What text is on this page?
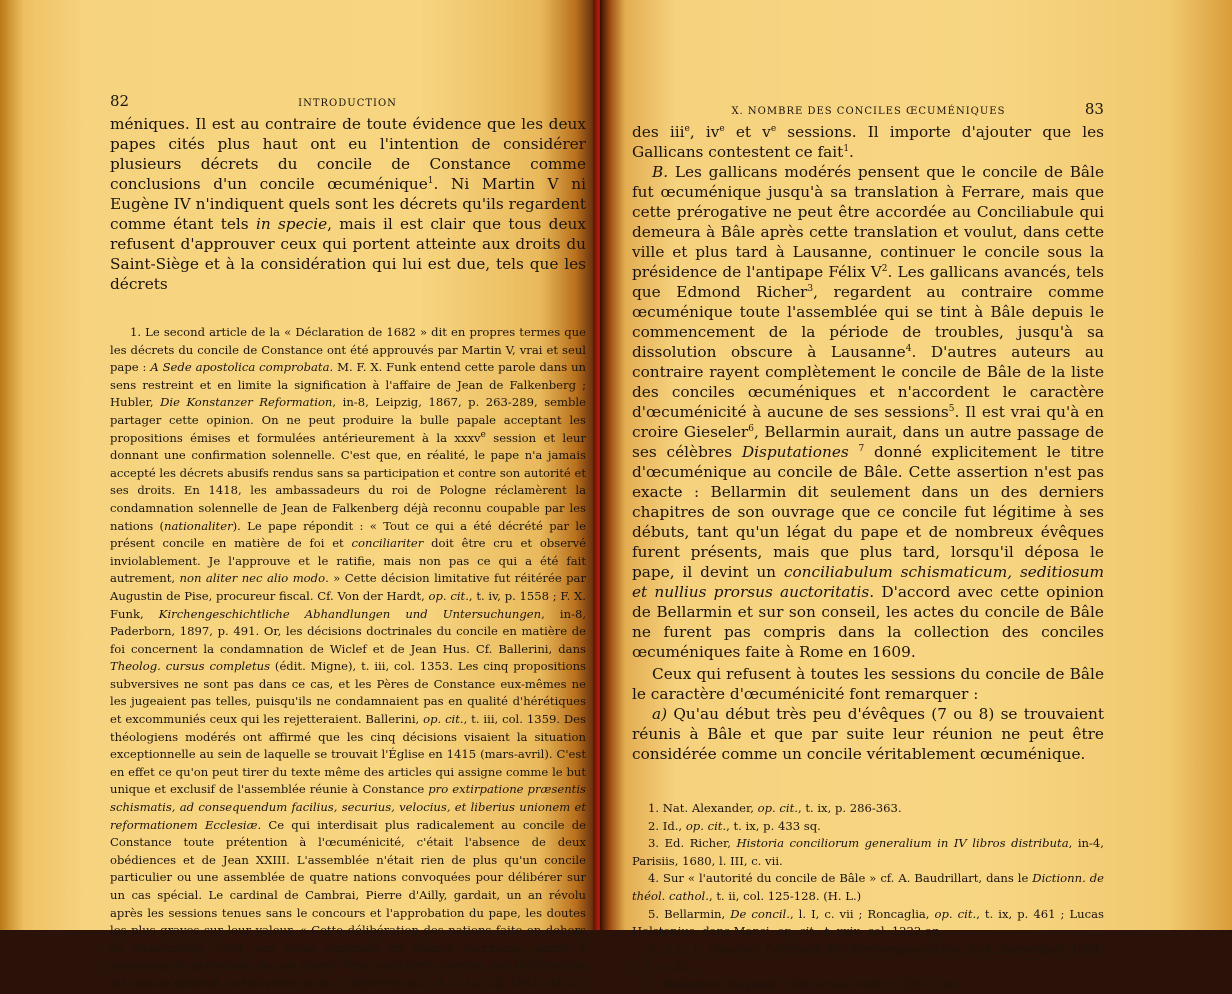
82	INTRODUCTION

méniques. Il est au contraire de toute évidence que les deux papes cités plus haut ont eu l'intention de considérer plusieurs décrets du concile de Constance comme conclusions d'un concile œcuménique$^1$. Ni Martin V ni Eugène IV n'indiquent quels sont les décrets qu'ils regardent comme étant tels in specie, mais il est clair que tous deux refusent d'approuver ceux qui portent atteinte aux droits du Saint-Siège et à la considération qui lui est due, tels que les décrets

1. Le second article de la « Déclaration de 1682 » dit en propres termes que les décrets du concile de Constance ont été approuvés par Martin V, vrai et seul pape : A Sede apostolica comprobata. M. F. X. Funk entend cette parole dans un sens restreint et en limite la signification à l'affaire de Jean de Falkenberg ; Hubler, Die Konstanzer Reformation, in-8, Leipzig, 1867, p. 263-289, semble partager cette opinion. On ne peut produire la bulle papale acceptant les propositions émises et formulées antérieurement à la xxxv$^e$ session et leur donnant une confirmation solennelle. C'est que, en réalité, le pape n'a jamais accepté les décrets abusifs rendus sans sa participation et contre son autorité et ses droits. En 1418, les ambassadeurs du roi de Pologne réclamèrent la condamnation solennelle de Jean de Falkenberg déjà reconnu coupable par les nations (nationaliter). Le pape répondit : « Tout ce qui a été décrété par le présent concile en matière de foi et conciliariter doit être cru et observé inviolablement. Je l'approuve et le ratifie, mais non pas ce qui a été fait autrement, non aliter nec alio modo. » Cette décision limitative fut réitérée par Augustin de Pise, procureur fiscal. Cf. Von der Hardt, op. cit., t. iv, p. 1558 ; F. X. Funk, Kirchengeschichtliche Abhandlungen und Untersuchungen, in-8, Paderborn, 1897, p. 491. Or, les décisions doctrinales du concile en matière de foi concernent la condamnation de Wiclef et de Jean Hus. Cf. Ballerini, dans Theolog. cursus completus (édit. Migne), t. iii, col. 1353. Les cinq propositions subversives ne sont pas dans ce cas, et les Pères de Constance eux-mêmes ne les jugeaient pas telles, puisqu'ils ne condamnaient pas en qualité d'hérétiques et excommuniés ceux qui les rejetteraient. Ballerini, op. cit., t. iii, col. 1359. Des théologiens modérés ont affirmé que les cinq décisions visaient la situation exceptionnelle au sein de laquelle se trouvait l'Église en 1415 (mars-avril). C'est en effet ce qu'on peut tirer du texte même des articles qui assigne comme le but unique et exclusif de l'assemblée réunie à Constance pro extirpatione præsentis schismatis, ad consequendum facilius, securius, velocius, et liberius unionem et reformationem Ecclesiæ. Ce qui interdisait plus radicalement au concile de Constance toute prétention à l'œcuménicité, c'était l'absence de deux obédiences et de Jean XXIII. L'assemblée n'était rien de plus qu'un concile particulier ou une assemblée de quatre nations convoquées pour délibérer sur un cas spécial. Le cardinal de Cambrai, Pierre d'Ailly, gardait, un an révolu après les sessions tenues sans le concours et l'approbation du pape, les doutes les plus graves sur leur valeur. « Cette délibération des nations faite en dehors de l'assemblée, dit-il, ses votes exprimés en séance commune, paraît à beaucoup de personnes ne pas devoir être considérée comme une délibération du concile général, conciliariter facta. » Ballerini, op. cit., t. iii, col. 1351. (H. L.)

X. NOMBRE DES CONCILES ŒCUMÉNIQUES	83

des iii$^e$, $iv^e$ et $v^e$ sessions. Il importe d'ajouter que les Gallicans contestent ce fait$^1$.

B. Les gallicans modérés pensent que le concile de Bâle fut œcuménique jusqu'à sa translation à Ferrare, mais que cette prérogative ne peut être accordée au Conciliabule qui demeura à Bâle après cette translation et voulut, dans cette ville et plus tard à Lausanne, continuer le concile sous la présidence de l'antipape Félix $V^2$. Les gallicans avancés, tels que Edmond Richer$^3$, regardent au contraire comme œcuménique toute l'assemblée qui se tint à Bâle depuis le commencement de la période de troubles, jusqu'à sa dissolution obscure à Lausanne$^4$. D'autres auteurs au contraire rayent complètement le concile de Bâle de la liste des conciles œcuméniques et n'accordent le caractère d'œcuménicité à aucune de ses sessions$^5$. Il est vrai qu'à en croire Gieseler$^6$, Bellarmin aurait, dans un autre passage de ses célèbres Disputationes $^7$ donné explicitement le titre d'œcuménique au concile de Bâle. Cette assertion n'est pas exacte : Bellarmin dit seulement dans un des derniers chapitres de son ouvrage que ce concile fut légitime à ses débuts, tant qu'un légat du pape et de nombreux évêques furent présents, mais que plus tard, lorsqu'il déposa le pape, il devint un conciliabulum schismaticum, seditiosum et nullius prorsus auctoritatis. D'accord avec cette opinion de Bellarmin et sur son conseil, les actes du concile de Bâle ne furent pas compris dans la collection des conciles œcuméniques faite à Rome en 1609.

Ceux qui refusent à toutes les sessions du concile de Bâle le caractère d'œcuménicité font remarquer :

a) Qu'au début très peu d'évêques (7 ou 8) se trouvaient réunis à Bâle et que par suite leur réunion ne peut être considérée comme un concile véritablement œcuménique.

1. Nat. Alexander, op. cit., t. ix, p. 286-363.

2. Id., op. cit., t. ix, p. 433 sq.

3. Ed. Richer, Historia conciliorum generalium in IV libros distributa, in-4, Parisiis, 1680, l. III, c. vii.

4. Sur « l'autorité du concile de Bâle » cf. A. Baudrillart, dans le Dictionn. de théol. cathol., t. ii, col. 125-128. (H. L.)

5. Bellarmin, De concil., l. I, c. vii ; Roncaglia, op. cit., t. ix, p. 461 ; Lucas Holstenius, dans Mansi, op. cit., t. xxix, col. 1222 sq.

6. J. C. L. Gieseler, Lehrbuch der Kirchengeschichte, in-8, Darmstadt, 1824, t. ii, p. 52.

7. Bellarmin, Disputat. : De eccles. milit., l. III, c. xvi.
